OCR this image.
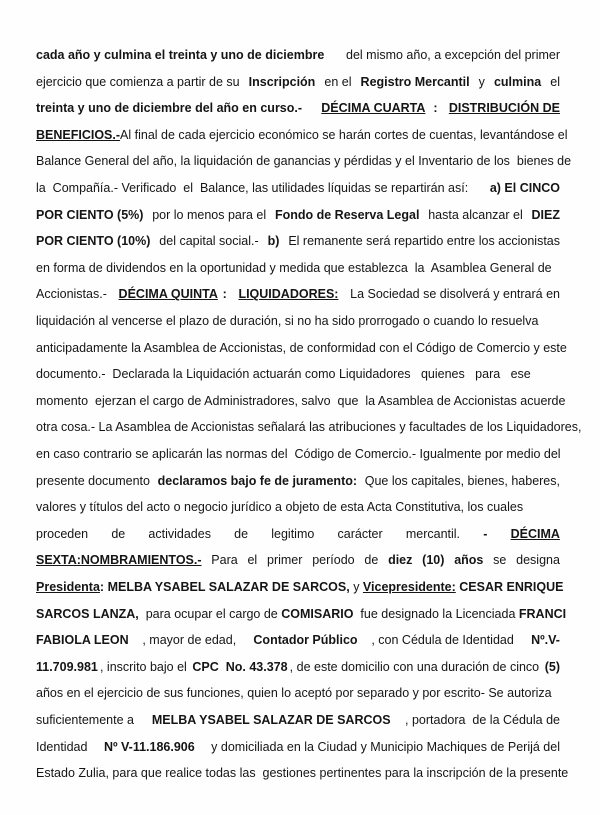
cada año y culmina el treinta y uno de diciembre del mismo año, a excepción del primer
ejercicio que comienza a partir de su Inscripción en el Registro Mercantil y culmina el
treinta y uno de diciembre del año en curso.-
DÉCIMA CUARTA : DISTRIBUCIÓN DE
BENEFICIOS.- Al final de cada ejercicio económico se harán cortes de cuentas, levantándose el
Balance General del año, la liquidación de ganancias y pérdidas y el Inventario de los  bienes de
la  Compañía.- Verificado  el  Balance, las utilidades líquidas se repartirán así: a) El CINCO
POR CIENTO (5%) por lo menos para el Fondo de Reserva Legal hasta alcanzar el DIEZ
POR CIENTO (10%) del capital social.- b) El remanente será repartido entre los accionistas
en forma de dividendos en la oportunidad y medida que establezca  la  Asamblea General de
Accionistas.- DÉCIMA QUINTA : LIQUIDADORES: La Sociedad se disolverá y entrará en
liquidación al vencerse el plazo de duración, si no ha sido prorrogado o cuando lo resuelva
anticipadamente la Asamblea de Accionistas, de conformidad con el Código de Comercio y este
documento.-  Declarada la Liquidación actuarán como Liquidadores   quienes   para   ese
momento  ejerzan el cargo de Administradores, salvo  que  la Asamblea de Accionistas acuerde
otra cosa.- La Asamblea de Accionistas señalará las atribuciones y facultades de los Liquidadores,
en caso contrario se aplicarán las normas del  Código de Comercio.- Igualmente por medio del
presente documento declaramos bajo fe de juramento: Que los capitales, bienes, haberes,
valores y títulos del acto o negocio jurídico a objeto de esta Acta Constitutiva, los cuales
proceden de actividades de legitimo carácter mercantil. - DÉCIMA
SEXTA:NOMBRAMIENTOS.- Para el primer período de diez (10) años se designa
Presidenta : MELBA YSABEL SALAZAR DE SARCOS, y Vicepresidente:
CESAR ENRIQUE
SARCOS LANZA, para ocupar el cargo de COMISARIO fue designado la Licenciada FRANCI
FABIOLA LEON , mayor de edad, Contador Público , con Cédula de Identidad Nº.V-
11.709.981 , inscrito bajo el CPC  No. 43.378 , de este domicilio con una duración de cinco (5)
años en el ejercicio de sus funciones, quien lo aceptó por separado y por escrito- Se autoriza
suficientemente a MELBA YSABEL SALAZAR DE SARCOS , portadora  de la Cédula de
Identidad Nº V-11.186.906 y domiciliada en la Ciudad y Municipio Machiques de Perijá del
Estado Zulia, para que realice todas las  gestiones pertinentes para la inscripción de la presente
